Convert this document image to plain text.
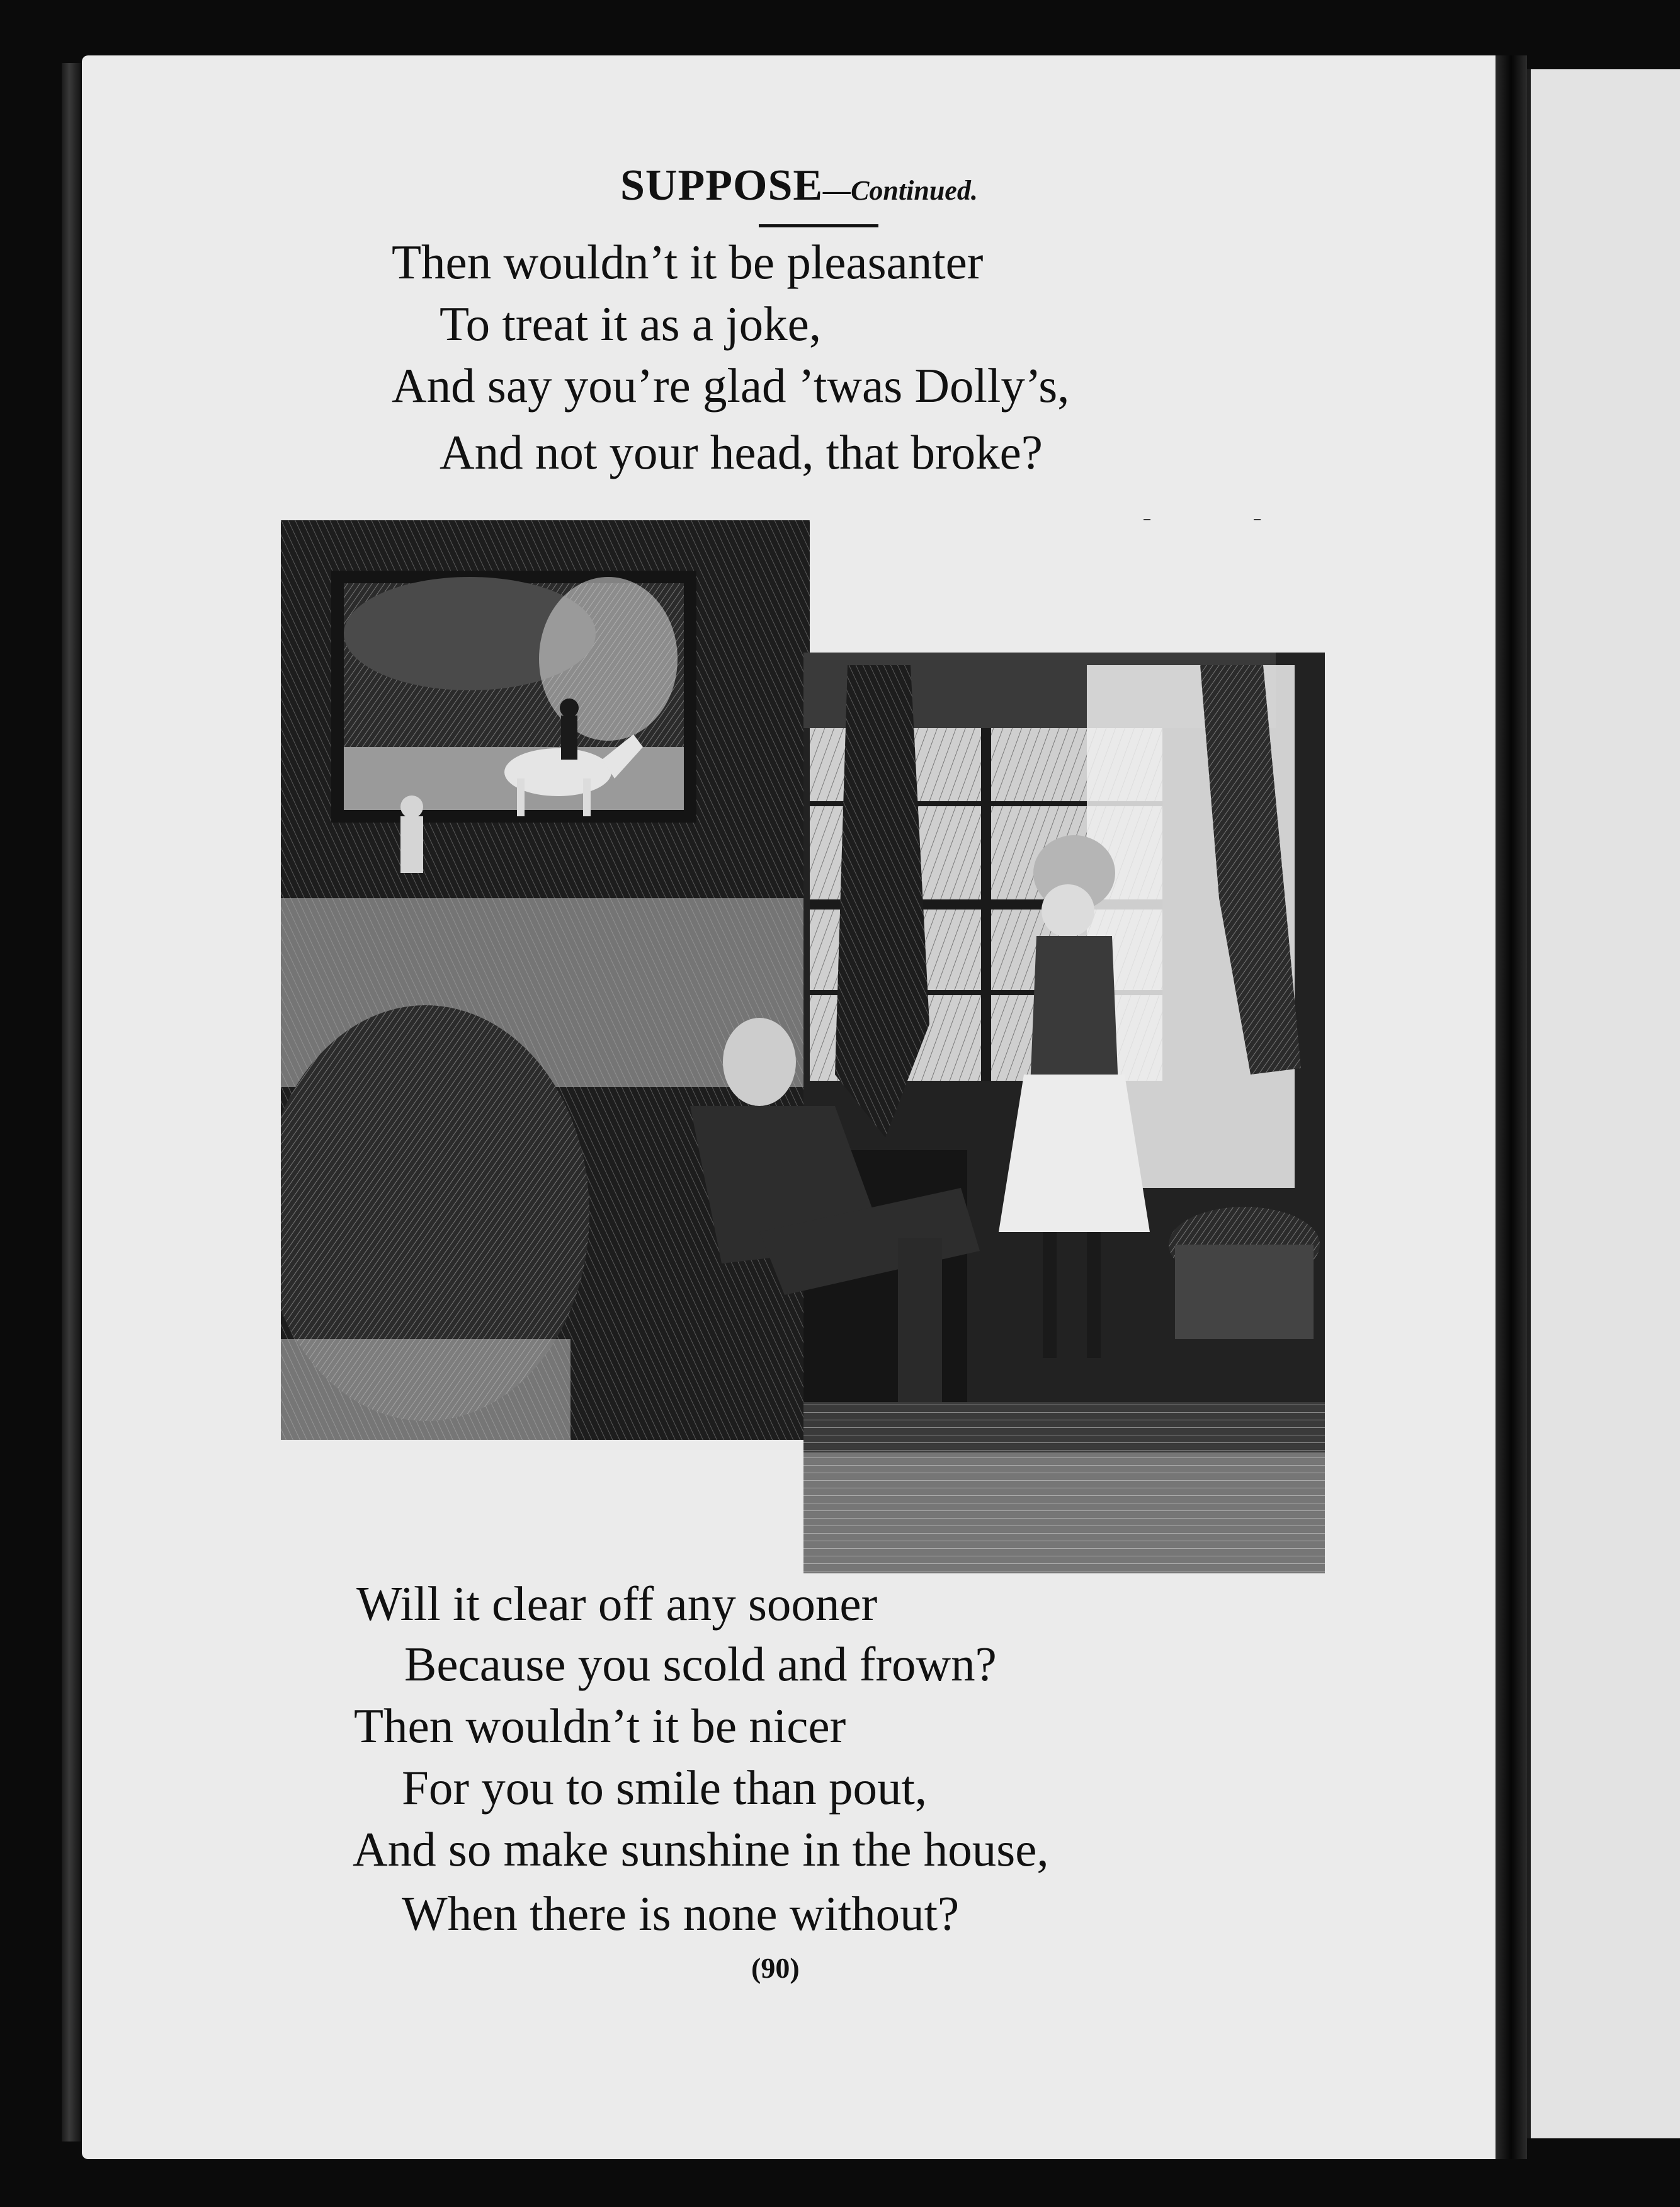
SUPPOSE—Continued.
Then wouldn’t it be pleasanter
To treat it as a joke,
And say you’re glad ’twas Dolly’s,
And not your head, that broke?
Will it clear off any sooner
Because you scold and frown?
Then wouldn’t it be nicer
For you to smile than pout,
And so make sunshine in the house,
When there is none without?
(90)
